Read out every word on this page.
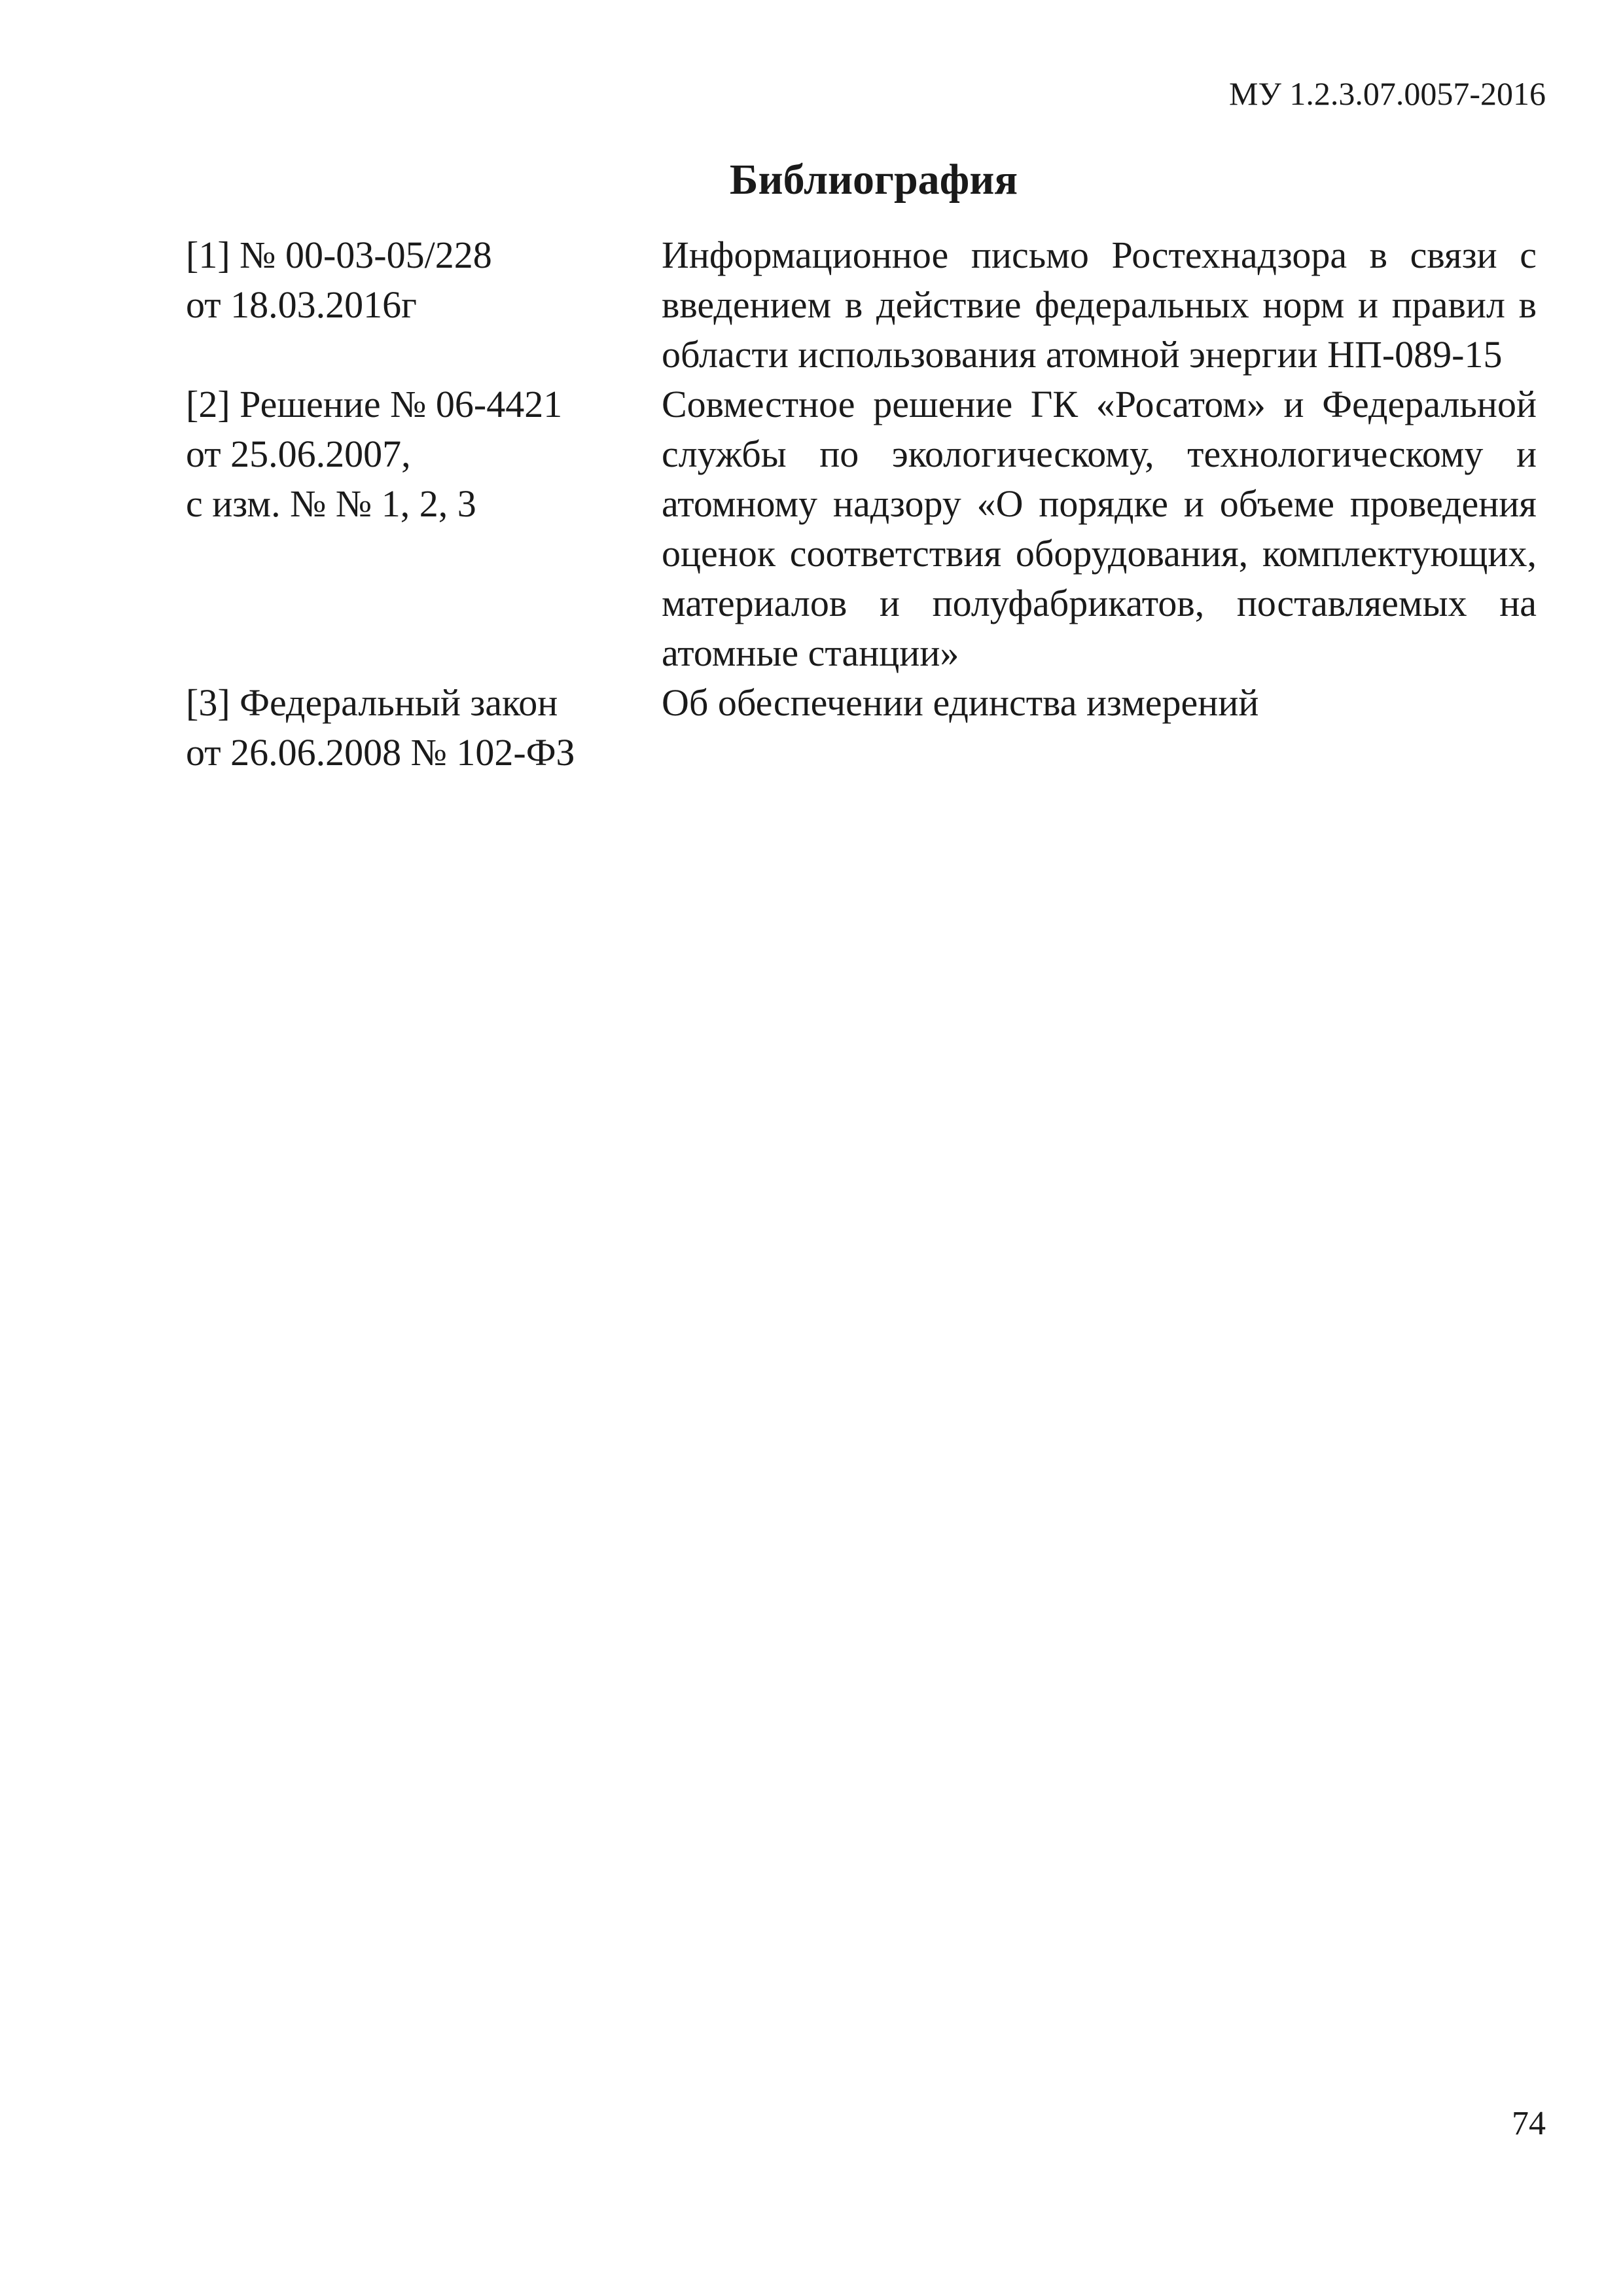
МУ 1.2.3.07.0057-2016
Библиография
[1] № 00-03-05/228
от 18.03.2016г
Информационное письмо Ростехнадзора в связи с введением в действие федеральных норм и правил в области использования атомной энергии НП-089-15
[2] Решение № 06-4421
от 25.06.2007,
с изм. № № 1, 2, 3
Совместное решение ГК «Росатом» и Федеральной службы по экологическому, технологическому и атомному надзору «О порядке и объеме проведения оценок соответствия оборудования, комплектующих, материалов и полуфабрикатов, поставляемых на атомные станции»
[3] Федеральный закон
от 26.06.2008 № 102-ФЗ
Об обеспечении единства измерений
74
